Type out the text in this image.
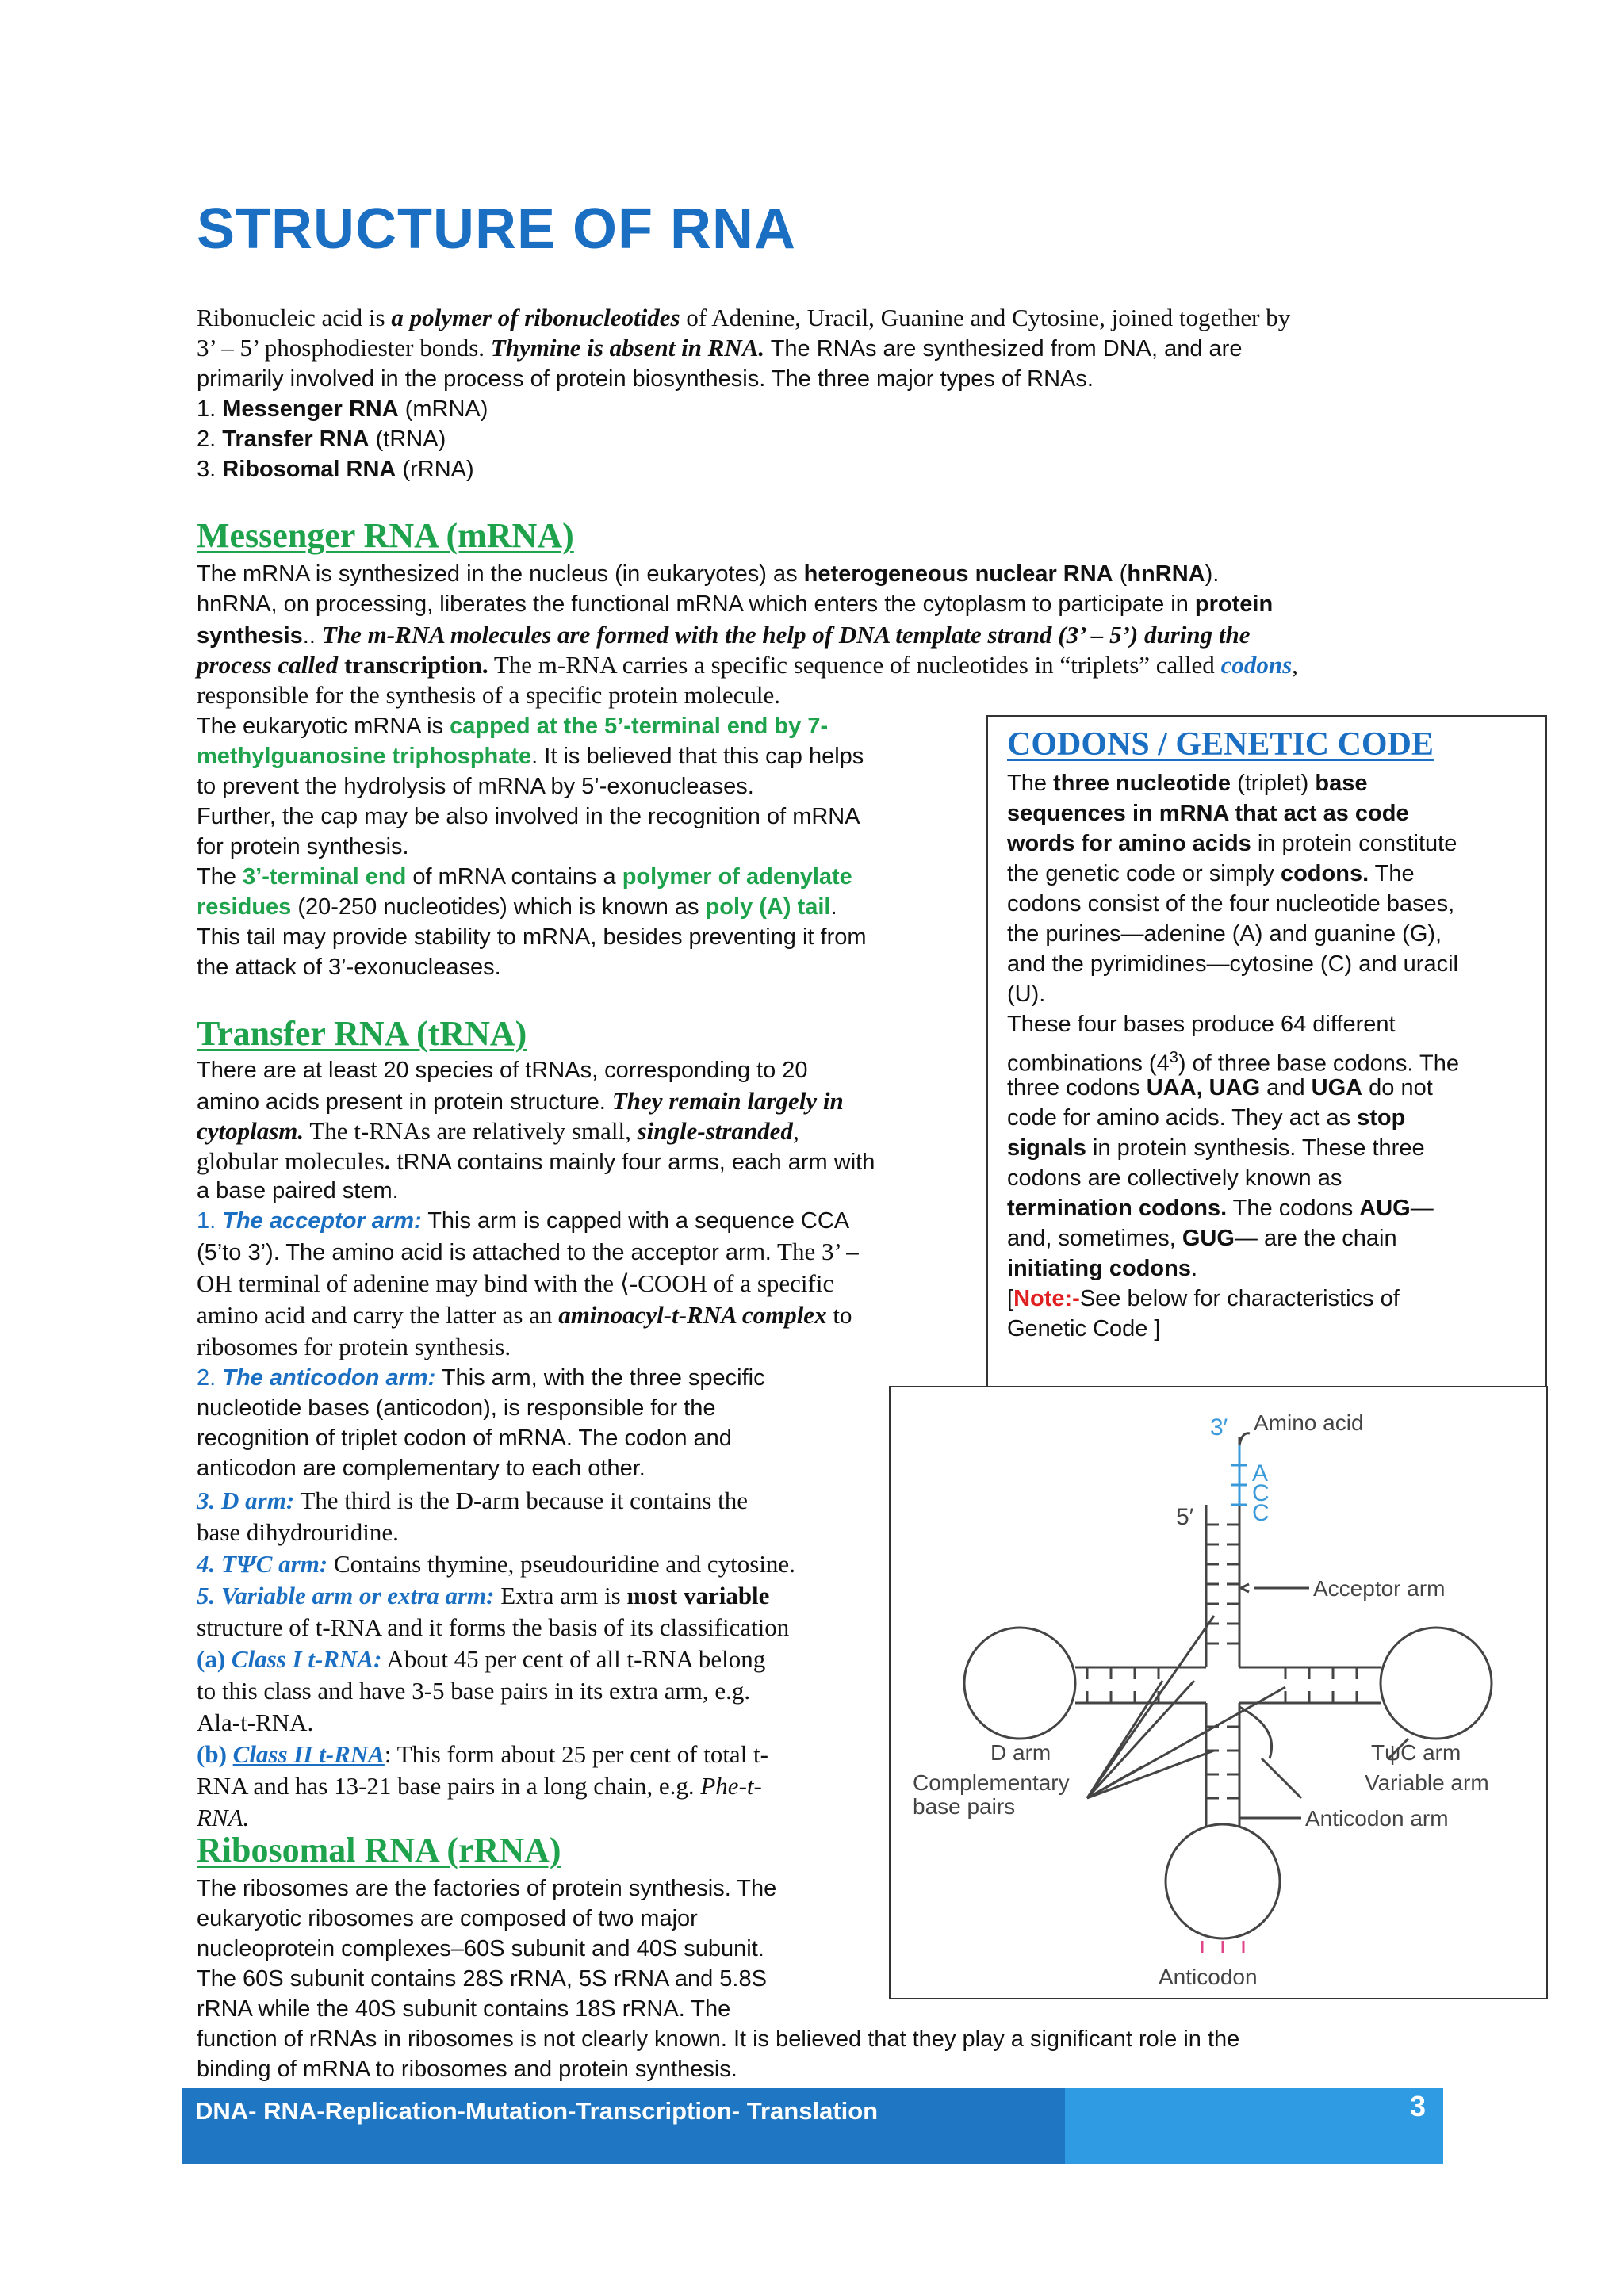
STRUCTURE OF RNA
Ribonucleic acid is a polymer of ribonucleotides of Adenine, Uracil, Guanine and Cytosine, joined together by
3’ – 5’ phosphodiester bonds. Thymine is absent in RNA. The RNAs are synthesized from DNA, and are
primarily involved in the process of protein biosynthesis. The three major types of RNAs.
1. Messenger RNA (mRNA)
2. Transfer RNA (tRNA)
3. Ribosomal RNA (rRNA)
Messenger RNA (mRNA)
The mRNA is synthesized in the nucleus (in eukaryotes) as heterogeneous nuclear RNA (hnRNA).
hnRNA, on processing, liberates the functional mRNA which enters the cytoplasm to participate in protein
synthesis.. The m-RNA molecules are formed with the help of DNA template strand (3’ – 5’) during the
process called transcription. The m-RNA carries a specific sequence of nucleotides in “triplets” called codons,
responsible for the synthesis of a specific protein molecule.
The eukaryotic mRNA is capped at the 5’-terminal end by 7-
methylguanosine triphosphate. It is believed that this cap helps
to prevent the hydrolysis of mRNA by 5’-exonucleases.
Further, the cap may be also involved in the recognition of mRNA
for protein synthesis.
The 3’-terminal end of mRNA contains a polymer of adenylate
residues (20-250 nucleotides) which is known as poly (A) tail.
This tail may provide stability to mRNA, besides preventing it from
the attack of 3’-exonucleases.
CODONS / GENETIC CODE
The three nucleotide (triplet) base
sequences in mRNA that act as code
words for amino acids in protein constitute
the genetic code or simply codons. The
codons consist of the four nucleotide bases,
the purines—adenine (A) and guanine (G),
and the pyrimidines—cytosine (C) and uracil
(U).
These four bases produce 64 different
combinations $(4^3)$ of three base codons. The
three codons UAA, UAG and UGA do not
code for amino acids. They act as stop
signals in protein synthesis. These three
codons are collectively known as
termination codons. The codons AUG—
and, sometimes, GUG— are the chain
initiating codons.
[Note:-See below for characteristics of
Genetic Code ]
Transfer RNA (tRNA)
There are at least 20 species of tRNAs, corresponding to 20
amino acids present in protein structure. They remain largely in
cytoplasm. The t-RNAs are relatively small, single-stranded,
globular molecules. tRNA contains mainly four arms, each arm with
a base paired stem.
1. The acceptor arm: This arm is capped with a sequence CCA
(5’to 3’). The amino acid is attached to the acceptor arm. The 3’ –
OH terminal of adenine may bind with the ⟨-COOH of a specific
amino acid and carry the latter as an aminoacyl-t-RNA complex to
ribosomes for protein synthesis.
2. The anticodon arm: This arm, with the three specific
nucleotide bases (anticodon), is responsible for the
recognition of triplet codon of mRNA. The codon and
anticodon are complementary to each other.
3. D arm: The third is the D-arm because it contains the
base dihydrouridine.
4. TΨC arm: Contains thymine, pseudouridine and cytosine.
5. Variable arm or extra arm: Extra arm is most variable
structure of t-RNA and it forms the basis of its classification
(a) Class I t-RNA: About 45 per cent of all t-RNA belong
to this class and have 3-5 base pairs in its extra arm, e.g.
Ala-t-RNA.
(b) Class II t-RNA: This form about 25 per cent of total t-
RNA and has 13-21 base pairs in a long chain, e.g. Phe-t-
RNA.
3′ Amino acid
A
C
C
5′
Acceptor arm
D arm	TψC arm
Complementary
base pairs
Variable arm
Anticodon arm
Anticodon
Ribosomal RNA (rRNA)
The ribosomes are the factories of protein synthesis. The
eukaryotic ribosomes are composed of two major
nucleoprotein complexes–60S subunit and 40S subunit.
The 60S subunit contains 28S rRNA, 5S rRNA and 5.8S
rRNA while the 40S subunit contains 18S rRNA. The
function of rRNAs in ribosomes is not clearly known. It is believed that they play a significant role in the
binding of mRNA to ribosomes and protein synthesis.
DNA- RNA-Replication-Mutation-Transcription- Translation	3
